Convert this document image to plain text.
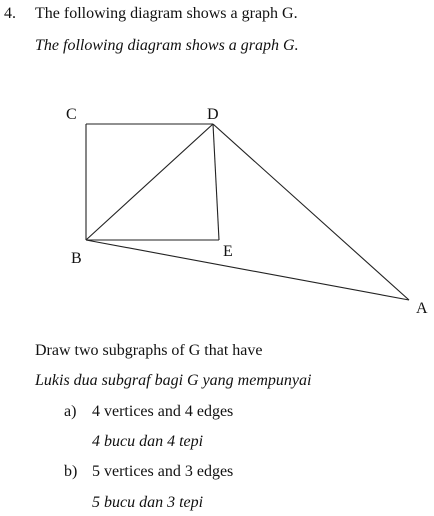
4. The following diagram shows a graph G.
The following diagram shows a graph G.
C	D
B	E
A
Draw two subgraphs of G that have
Lukis dua subgraf bagi G yang mempunyai
a) 4 vertices and 4 edges
4 bucu dan 4 tepi
b) 5 vertices and 3 edges
5 bucu dan 3 tepi
